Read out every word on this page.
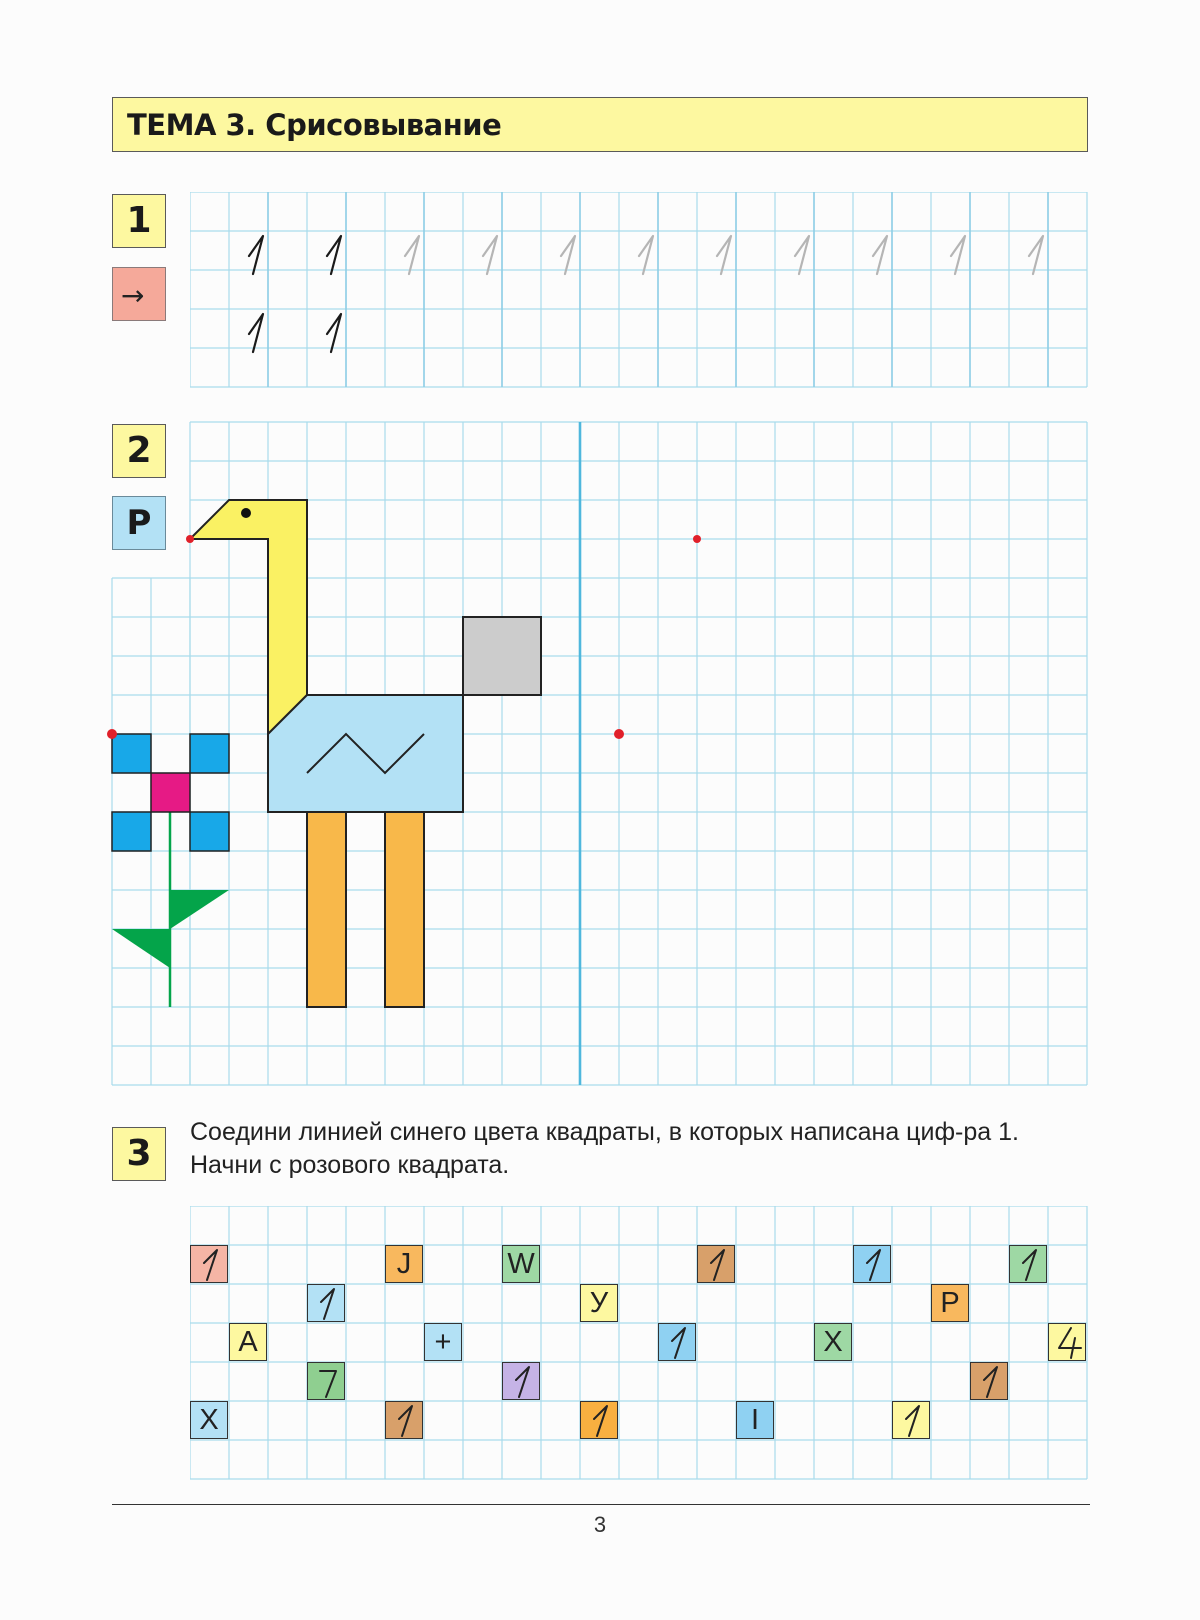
ТЕМА 3. Срисовывание
1
→
2
Р
3
Соедини линией синего цвета квадраты, в которых написана циф-ра 1. Начни с розового квадрата.
J	W
У	Р
А	+	Х
Х	I
3
